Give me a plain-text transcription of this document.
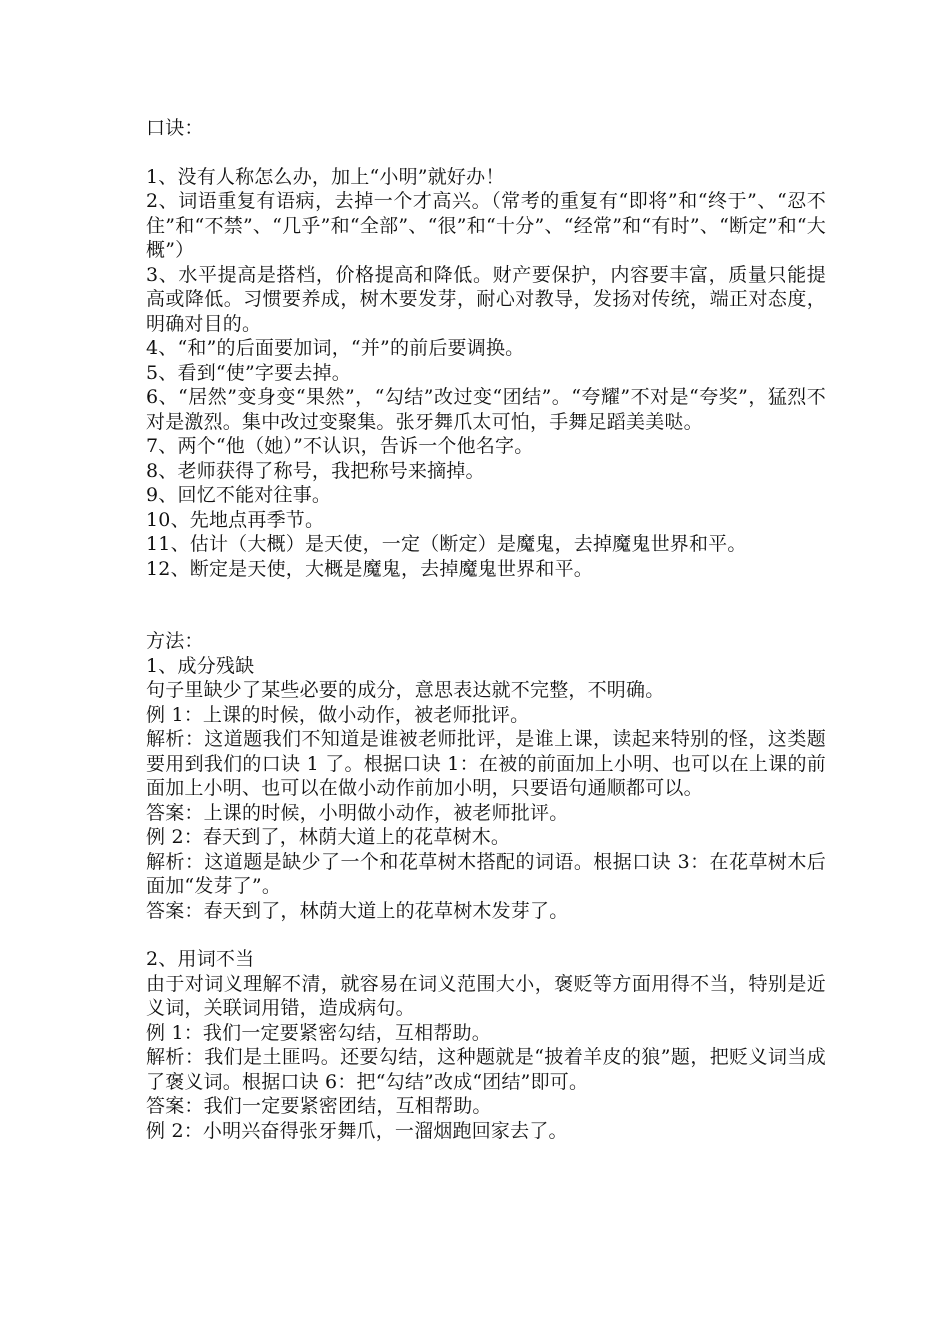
口诀：
1、没有人称怎么办，加上“小明”就好办！
2、词语重复有语病，去掉一个才高兴。（常考的重复有“即将”和“终于”、“忍不住”和“不禁”、“几乎”和“全部”、“很”和“十分”、“经常”和“有时”、“断定”和“大概”）
3、水平提高是搭档，价格提高和降低。财产要保护，内容要丰富，质量只能提高或降低。习惯要养成，树木要发芽，耐心对教导，发扬对传统，端正对态度，明确对目的。
4、“和”的后面要加词，“并”的前后要调换。
5、看到“使”字要去掉。
6、“居然”变身变“果然”，“勾结”改过变“团结”。“夸耀”不对是“夸奖”，猛烈不对是激烈。集中改过变聚集。张牙舞爪太可怕，手舞足蹈美美哒。
7、两个“他（她）”不认识，告诉一个他名字。
8、老师获得了称号，我把称号来摘掉。
9、回忆不能对往事。
10、先地点再季节。
11、估计（大概）是天使，一定（断定）是魔鬼，去掉魔鬼世界和平。
12、断定是天使，大概是魔鬼，去掉魔鬼世界和平。
方法：
1、成分残缺
句子里缺少了某些必要的成分，意思表达就不完整，不明确。
例 1：上课的时候，做小动作，被老师批评。
解析：这道题我们不知道是谁被老师批评，是谁上课，读起来特别的怪，这类题要用到我们的口诀 1 了。根据口诀 1：在被的前面加上小明、也可以在上课的前面加上小明、也可以在做小动作前加小明，只要语句通顺都可以。
答案：上课的时候，小明做小动作，被老师批评。
例 2：春天到了，林荫大道上的花草树木。
解析：这道题是缺少了一个和花草树木搭配的词语。根据口诀 3：在花草树木后面加“发芽了”。
答案：春天到了，林荫大道上的花草树木发芽了。
2、用词不当
由于对词义理解不清，就容易在词义范围大小，褒贬等方面用得不当，特别是近义词，关联词用错，造成病句。
例 1：我们一定要紧密勾结，互相帮助。
解析：我们是土匪吗。还要勾结，这种题就是“披着羊皮的狼”题，把贬义词当成了褒义词。根据口诀 6：把“勾结”改成“团结”即可。
答案：我们一定要紧密团结，互相帮助。
例 2：小明兴奋得张牙舞爪，一溜烟跑回家去了。
